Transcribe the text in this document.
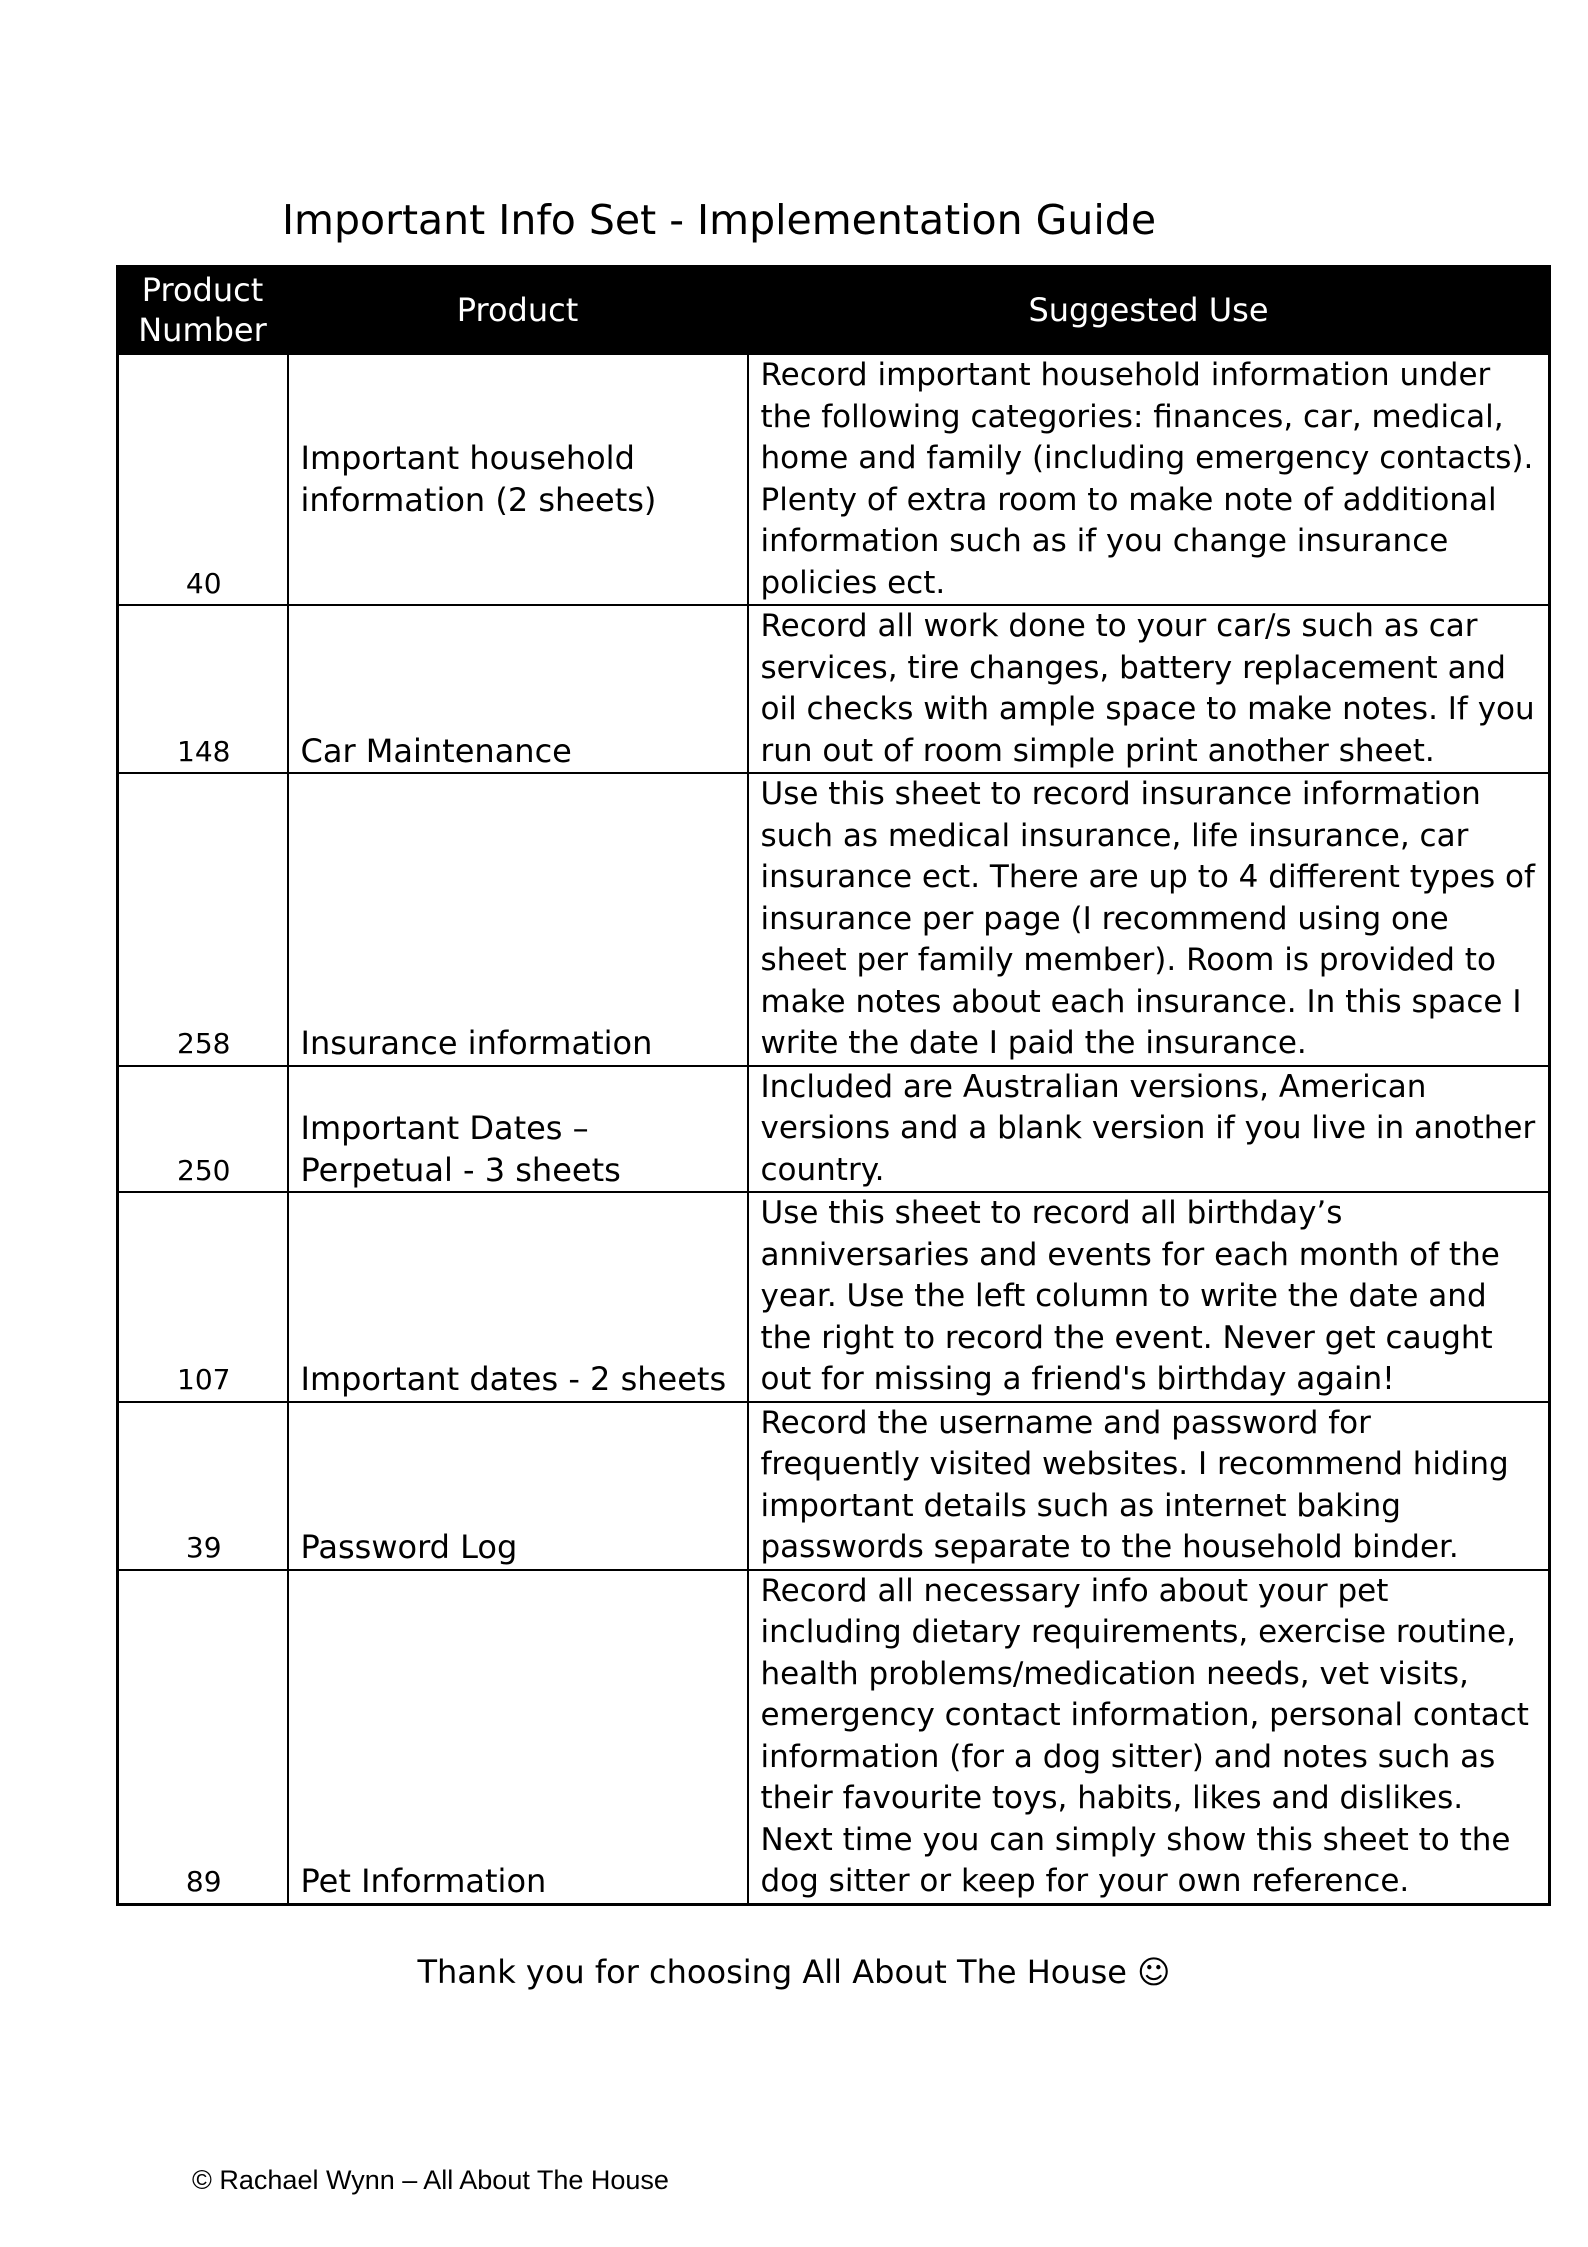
Important Info Set - Implementation Guide
Product Number	Product	Suggested Use
40	Important household information (2 sheets)	Record important household information under the following categories: finances, car, medical, home and family (including emergency contacts). Plenty of extra room to make note of additional information such as if you change insurance policies ect.
148	Car Maintenance	Record all work done to your car/s such as car services, tire changes, battery replacement and oil checks with ample space to make notes. If you run out of room simple print another sheet.
258	Insurance information	Use this sheet to record insurance information such as medical insurance, life insurance, car insurance ect. There are up to 4 different types of insurance per page (I recommend using one sheet per family member). Room is provided to make notes about each insurance. In this space I write the date I paid the insurance.
250	Important Dates – Perpetual - 3 sheets	Included are Australian versions, American versions and a blank version if you live in another country.
107	Important dates - 2 sheets	Use this sheet to record all birthday’s anniversaries and events for each month of the year. Use the left column to write the date and the right to record the event. Never get caught out for missing a friend's birthday again!
39	Password Log	Record the username and password for frequently visited websites. I recommend hiding important details such as internet baking passwords separate to the household binder.
89	Pet Information	Record all necessary info about your pet including dietary requirements, exercise routine, health problems/medication needs, vet visits, emergency contact information, personal contact information (for a dog sitter) and notes such as their favourite toys, habits, likes and dislikes. Next time you can simply show this sheet to the dog sitter or keep for your own reference.
Thank you for choosing All About The House ☺
© Rachael Wynn – All About The House
